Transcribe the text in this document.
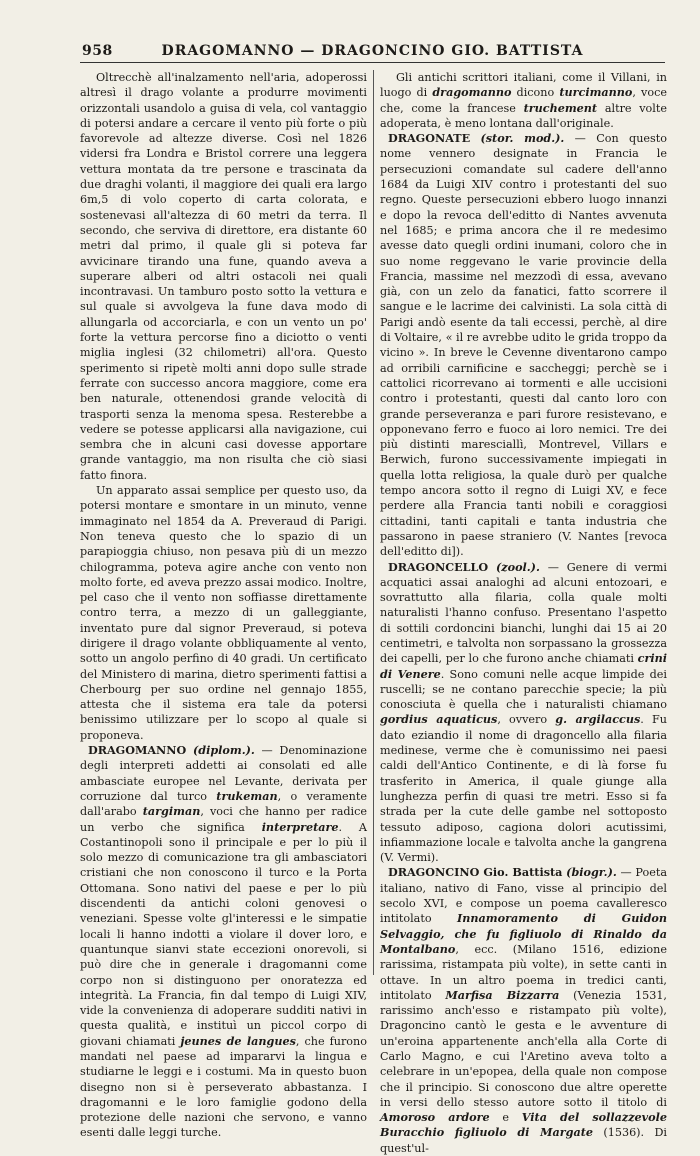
958	DRAGOMANNO — DRAGONCINO GIO. BATTISTA

Oltrecchè all'inalzamento nell'aria, adoperossi altresì il drago volante a produrre movimenti orizzontali usandolo a guisa di vela, col vantaggio di potersi andare a cercare il vento più forte o più favorevole ad altezze diverse. Così nel 1826 vidersi fra Londra e Bristol correre una leggera vettura montata da tre persone e trascinata da due draghi volanti, il maggiore dei quali era largo 6m,5 di volo coperto di carta colorata, e sostenevasi all'altezza di 60 metri da terra. Il secondo, che serviva di direttore, era distante 60 metri dal primo, il quale gli si poteva far avvicinare tirando una fune, quando aveva a superare alberi od altri ostacoli nei quali incontravasi. Un tamburo posto sotto la vettura e sul quale si avvolgeva la fune dava modo di allungarla od accorciarla, e con un vento un po' forte la vettura percorse fino a diciotto o venti miglia inglesi (32 chilometri) all'ora. Questo sperimento si ripetè molti anni dopo sulle strade ferrate con successo ancora maggiore, come era ben naturale, ottenendosi grande velocità di trasporti senza la menoma spesa. Resterebbe a vedere se potesse applicarsi alla navigazione, cui sembra che in alcuni casi dovesse apportare grande vantaggio, ma non risulta che ciò siasi fatto finora.

Un apparato assai semplice per questo uso, da potersi montare e smontare in un minuto, venne immaginato nel 1854 da A. Preveraud di Parigi. Non teneva questo che lo spazio di un parapioggia chiuso, non pesava più di un mezzo chilogramma, poteva agire anche con vento non molto forte, ed aveva prezzo assai modico. Inoltre, pel caso che il vento non soffiasse direttamente contro terra, a mezzo di un galleggiante, inventato pure dal signor Preveraud, si poteva dirigere il drago volante obbliquamente al vento, sotto un angolo perfino di 40 gradi. Un certificato del Ministero di marina, dietro sperimenti fattisi a Cherbourg per suo ordine nel gennajo 1855, attesta che il sistema era tale da potersi benissimo utilizzare per lo scopo al quale si proponeva.

DRAGOMANNO (diplom.). — Denominazione degli interpreti addetti ai consolati ed alle ambasciate europee nel Levante, derivata per corruzione dal turco trukeman, o veramente dall'arabo targiman, voci che hanno per radice un verbo che significa interpretare. A Costantinopoli sono il principale e per lo più il solo mezzo di comunicazione tra gli ambasciatori cristiani che non conoscono il turco e la Porta Ottomana. Sono nativi del paese e per lo più discendenti da antichi coloni genovesi o veneziani. Spesse volte gl'interessi e le simpatie locali li hanno indotti a violare il dover loro, e quantunque sianvi state eccezioni onorevoli, si può dire che in generale i dragomanni come corpo non si distinguono per onoratezza ed integrità. La Francia, fin dal tempo di Luigi XIV, vide la convenienza di adoperare sudditi nativi in questa qualità, e instituì un piccol corpo di giovani chiamati jeunes de langues, che furono mandati nel paese ad impararvi la lingua e studiarne le leggi e i costumi. Ma in questo buon disegno non si è perseverato abbastanza. I dragomanni e le loro famiglie godono della protezione delle nazioni che servono, e vanno esenti dalle leggi turche.

Gli antichi scrittori italiani, come il Villani, in luogo di dragomanno dicono turcimanno, voce che, come la francese truchement altre volte adoperata, è meno lontana dall'originale.

DRAGONATE (stor. mod.). — Con questo nome vennero designate in Francia le persecuzioni comandate sul cadere dell'anno 1684 da Luigi XIV contro i protestanti del suo regno. Queste persecuzioni ebbero luogo innanzi e dopo la revoca dell'editto di Nantes avvenuta nel 1685; e prima ancora che il re medesimo avesse dato quegli ordini inumani, coloro che in suo nome reggevano le varie provincie della Francia, massime nel mezzodì di essa, avevano già, con un zelo da fanatici, fatto scorrere il sangue e le lacrime dei calvinisti. La sola città di Parigi andò esente da tali eccessi, perchè, al dire di Voltaire, « il re avrebbe udito le grida troppo da vicino ». In breve le Cevenne diventarono campo ad orribili carnificine e saccheggi; perchè se i cattolici ricorrevano ai tormenti e alle uccisioni contro i protestanti, questi dal canto loro con grande perseveranza e pari furore resistevano, e opponevano ferro e fuoco ai loro nemici. Tre dei più distinti maresciallì, Montrevel, Villars e Berwich, furono successivamente impiegati in quella lotta religiosa, la quale durò per qualche tempo ancora sotto il regno di Luigi XV, e fece perdere alla Francia tanti nobili e coraggiosi cittadini, tanti capitali e tanta industria che passarono in paese straniero (V. Nantes [revoca dell'editto di]).

DRAGONCELLO (zool.). — Genere di vermi acquatici assai analoghi ad alcuni entozoari, e sovrattutto alla filaria, colla quale molti naturalisti l'hanno confuso. Presentano l'aspetto di sottili cordoncini bianchi, lunghi dai 15 ai 20 centimetri, e talvolta non sorpassano la grossezza dei capelli, per lo che furono anche chiamati crini di Venere. Sono comuni nelle acque limpide dei ruscelli; se ne contano parecchie specie; la più conosciuta è quella che i naturalisti chiamano gordius aquaticus, ovvero g. argilaccus. Fu dato eziandio il nome di dragoncello alla filaria medinese, verme che è comunissimo nei paesi caldi dell'Antico Continente, e di là forse fu trasferito in America, il quale giunge alla lunghezza perfin di quasi tre metri. Esso si fa strada per la cute delle gambe nel sottoposto tessuto adiposo, cagiona dolori acutissimi, infiammazione locale e talvolta anche la gangrena (V. Vermi).

DRAGONCINO Gio. Battista (biogr.). — Poeta italiano, nativo di Fano, visse al principio del secolo XVI, e compose un poema cavalleresco intitolato Innamoramento di Guidon Selvaggio, che fu figliuolo di Rinaldo da Montalbano, ecc. (Milano 1516, edizione rarissima, ristampata più volte), in sette canti in ottave. In un altro poema in tredici canti, intitolato Marfisa Bizzarra (Venezia 1531, rarissimo anch'esso e ristampato più volte), Dragoncino cantò le gesta e le avventure di un'eroina appartenente anch'ella alla Corte di Carlo Magno, e cui l'Aretino aveva tolto a celebrare in un'epopea, della quale non compose che il principio. Si conoscono due altre operette in versi dello stesso autore sotto il titolo di Amoroso ardore e Vita del sollazzevole Buracchio figliuolo di Margate (1536). Di quest'ul-
